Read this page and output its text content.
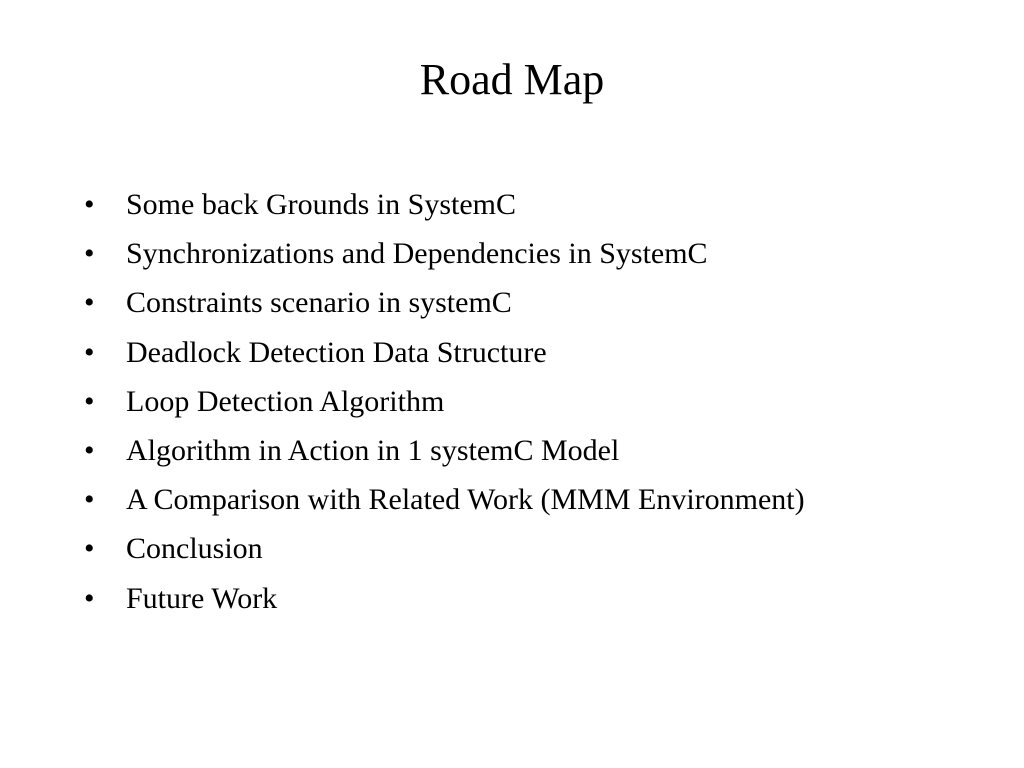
Road Map
•	Some back Grounds in SystemC
•	Synchronizations and Dependencies in SystemC
•	Constraints scenario in systemC
•	Deadlock Detection Data Structure
•	Loop Detection Algorithm
•	Algorithm in Action in 1 systemC Model
•	A Comparison with Related Work (MMM Environment)
•	Conclusion
•	Future Work
